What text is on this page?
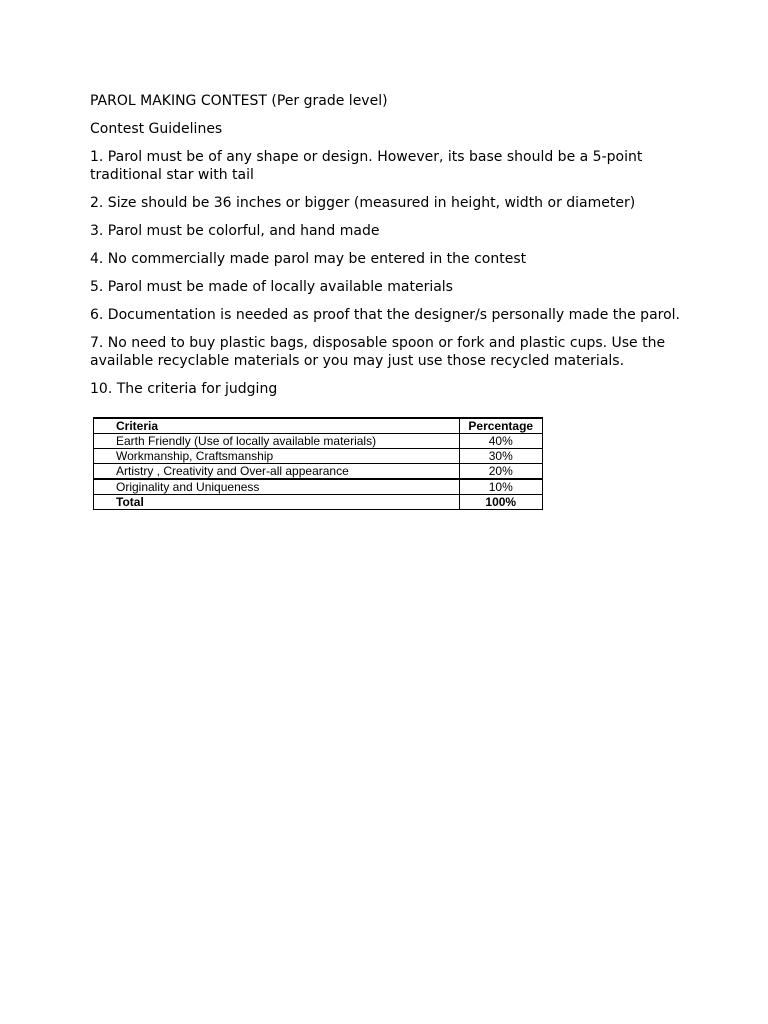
PAROL MAKING CONTEST (Per grade level)

Contest Guidelines

1. Parol must be of any shape or design. However, its base should be a 5-point traditional star with tail

2. Size should be 36 inches or bigger (measured in height, width or diameter)

3. Parol must be colorful, and hand made

4. No commercially made parol may be entered in the contest

5. Parol must be made of locally available materials

6. Documentation is needed as proof that the designer/s personally made the parol.

7. No need to buy plastic bags, disposable spoon or fork and plastic cups. Use the available recyclable materials or you may just use those recycled materials.

10. The criteria for judging

Criteria	Percentage
Earth Friendly (Use of locally available materials)	40%
Workmanship, Craftsmanship	30%
Artistry , Creativity and Over-all appearance	20%
Originality and Uniqueness	10%
Total	100%
